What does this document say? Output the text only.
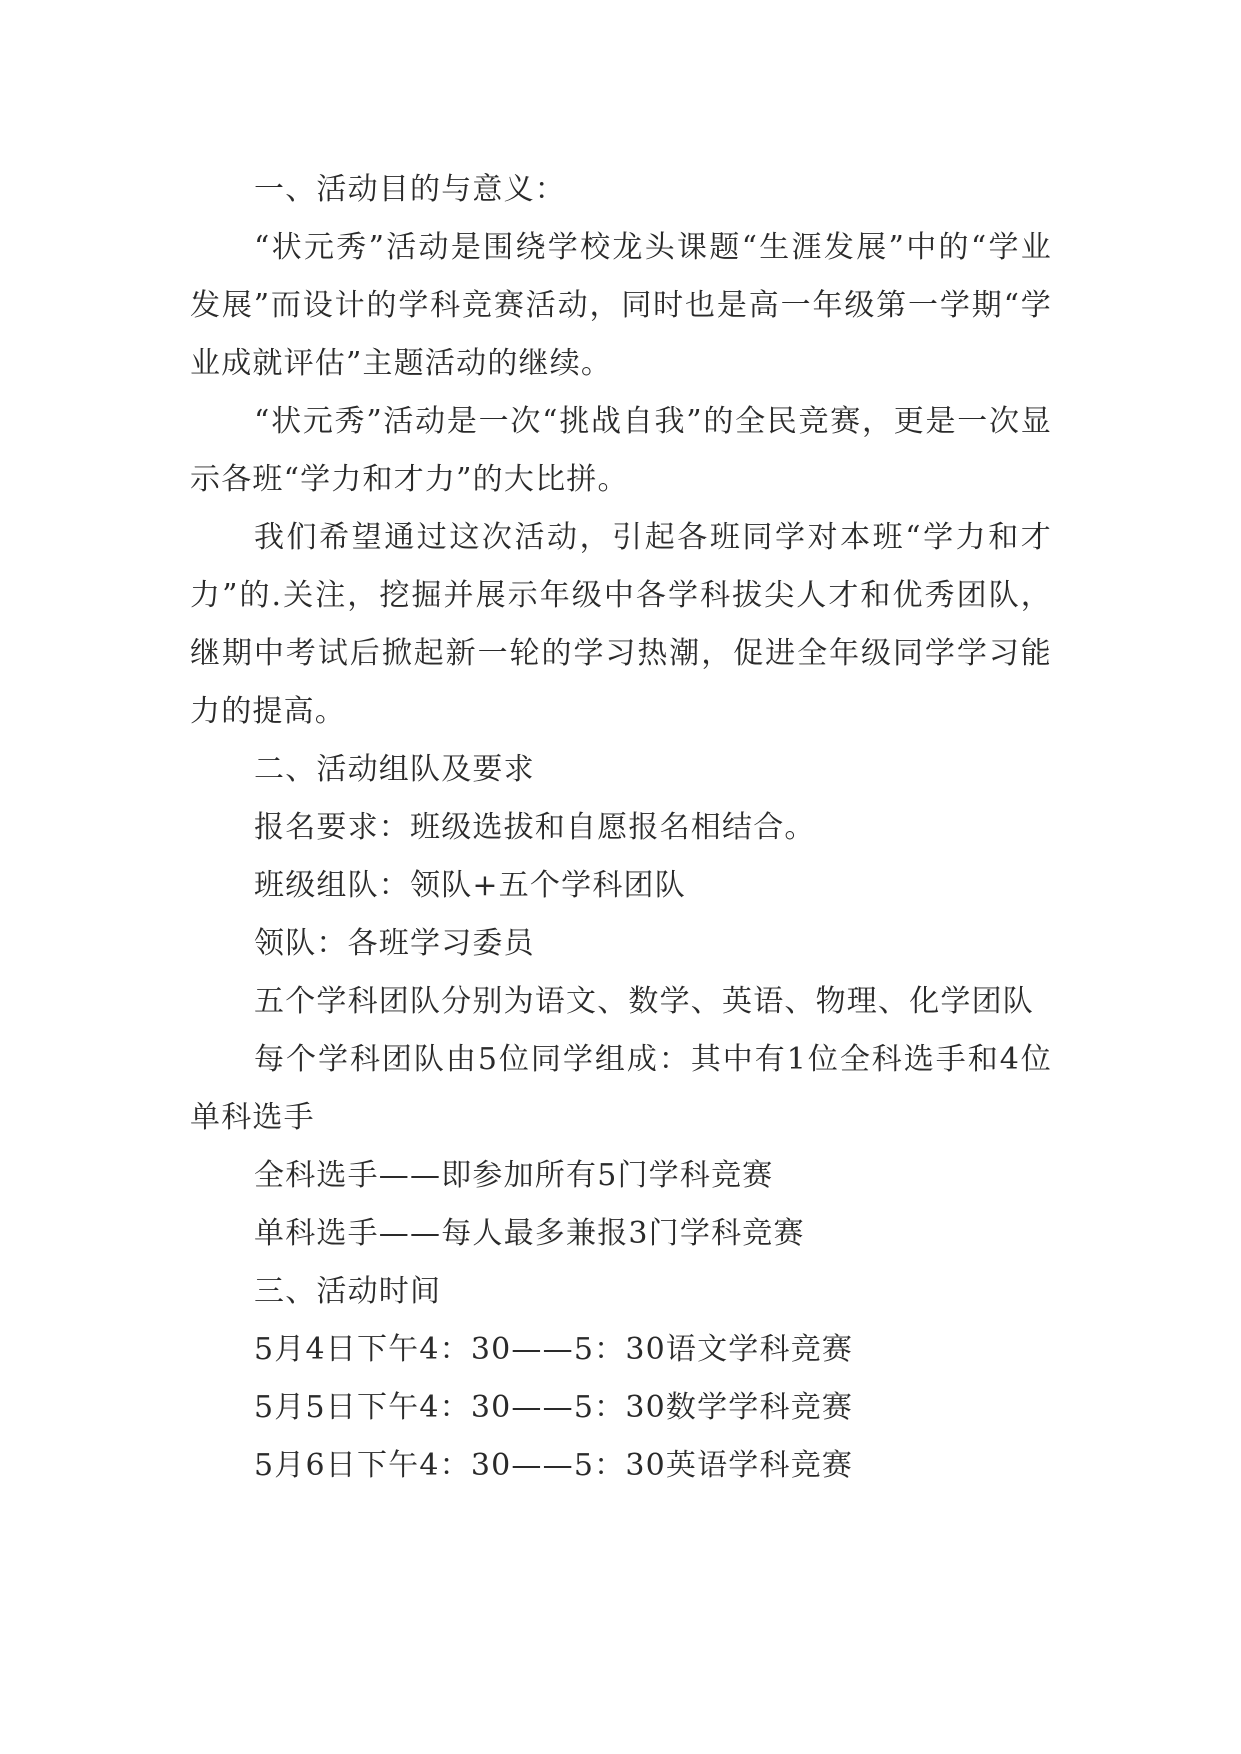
一、活动目的与意义：

“状元秀”活动是围绕学校龙头课题“生涯发展”中的“学业发展”而设计的学科竞赛活动，同时也是高一年级第一学期“学业成就评估”主题活动的继续。

“状元秀”活动是一次“挑战自我”的全民竞赛，更是一次显示各班“学力和才力”的大比拼。

我们希望通过这次活动，引起各班同学对本班“学力和才力”的.关注，挖掘并展示年级中各学科拔尖人才和优秀团队，继期中考试后掀起新一轮的学习热潮，促进全年级同学学习能力的提高。

二、活动组队及要求

报名要求：班级选拔和自愿报名相结合。

班级组队：领队+五个学科团队

领队：各班学习委员

五个学科团队分别为语文、数学、英语、物理、化学团队

每个学科团队由5位同学组成：其中有1位全科选手和4位单科选手

全科选手——即参加所有5门学科竞赛

单科选手——每人最多兼报3门学科竞赛

三、活动时间

5月4日下午4：30——5：30语文学科竞赛

5月5日下午4：30——5：30数学学科竞赛

5月6日下午4：30——5：30英语学科竞赛
